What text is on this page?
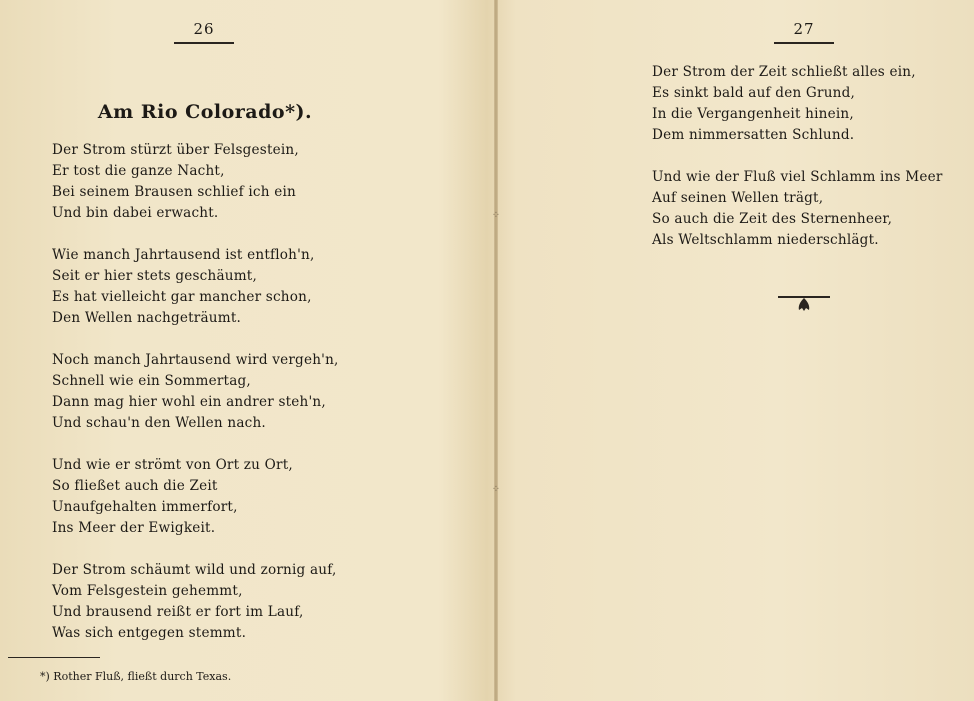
26
Am Rio Colorado*).
Der Strom stürzt über Felsgestein,
Er tost die ganze Nacht,
Bei seinem Brausen schlief ich ein
Und bin dabei erwacht.
Wie manch Jahrtausend ist entfloh'n,
Seit er hier stets geschäumt,
Es hat vielleicht gar mancher schon,
Den Wellen nachgeträumt.
Noch manch Jahrtausend wird vergeh'n,
Schnell wie ein Sommertag,
Dann mag hier wohl ein andrer steh'n,
Und schau'n den Wellen nach.
Und wie er strömt von Ort zu Ort,
So fließet auch die Zeit
Unaufgehalten immerfort,
Ins Meer der Ewigkeit.
Der Strom schäumt wild und zornig auf,
Vom Felsgestein gehemmt,
Und brausend reißt er fort im Lauf,
Was sich entgegen stemmt.
*) Rother Fluß, fließt durch Texas.
⁘
⁘
27
Der Strom der Zeit schließt alles ein,
Es sinkt bald auf den Grund,
In die Vergangenheit hinein,
Dem nimmersatten Schlund.
Und wie der Fluß viel Schlamm ins Meer
Auf seinen Wellen trägt,
So auch die Zeit des Sternenheer,
Als Weltschlamm niederschlägt.
